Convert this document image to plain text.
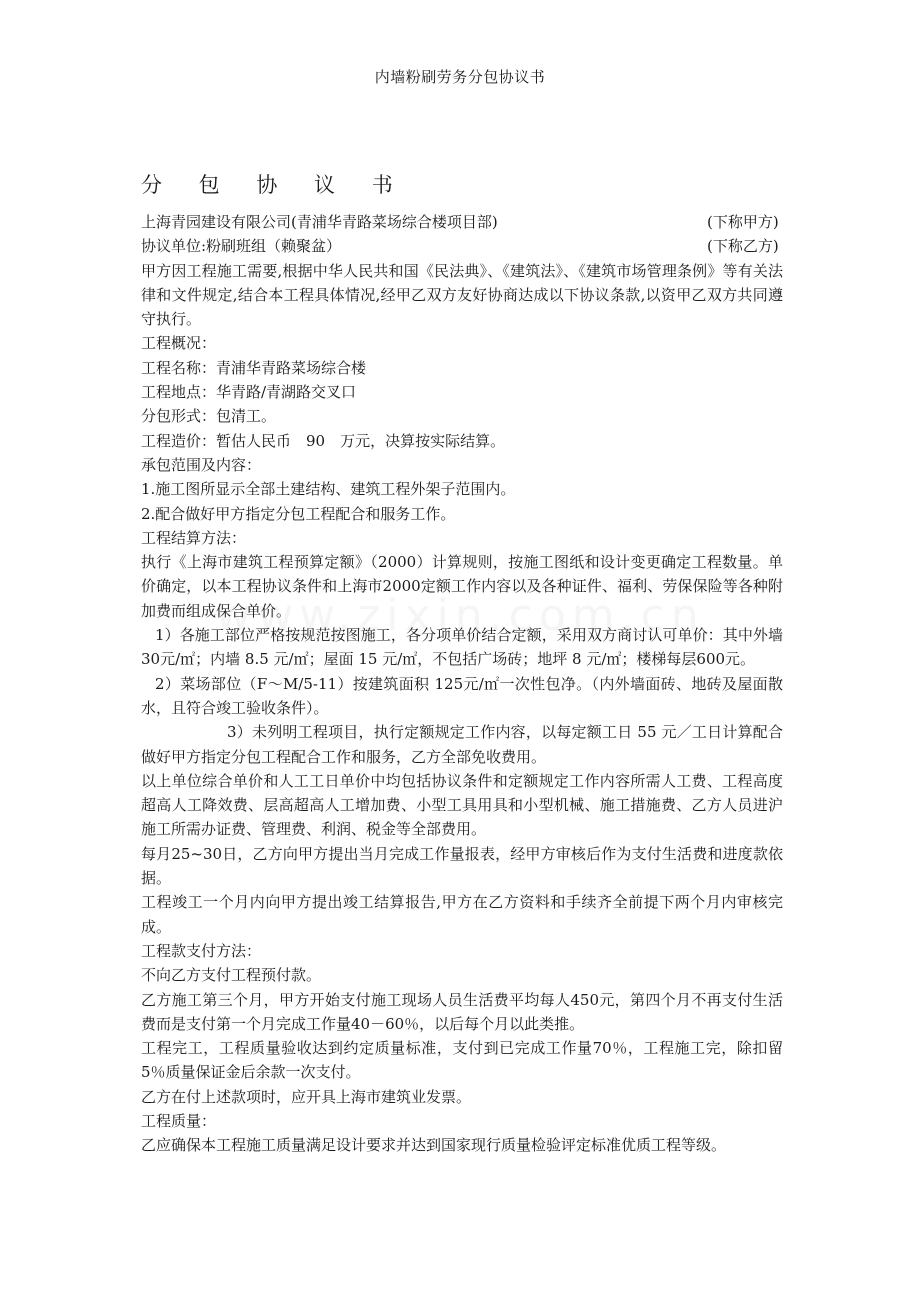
内墙粉刷劳务分包协议书
分 包 协 议 书
上海青园建设有限公司(青浦华青路菜场综合楼项目部)	(下称甲方)
协议单位:粉刷班组（赖聚盆）	(下称乙方)

甲方因工程施工需要,根据中华人民共和国《民法典》、《建筑法》、《建筑市场管理条例》等有关法律和文件规定,结合本工程具体情况,经甲乙双方友好协商达成以下协议条款,以资甲乙双方共同遵守执行。

工程概况：

工程名称：青浦华青路菜场综合楼

工程地点：华青路/青湖路交叉口

分包形式：包清工。

工程造价：暂估人民币　90　万元，决算按实际结算。

承包范围及内容：

1.施工图所显示全部土建结构、建筑工程外架子范围内。

2.配合做好甲方指定分包工程配合和服务工作。

工程结算方法：

执行《上海市建筑工程预算定额》（2000）计算规则，按施工图纸和设计变更确定工程数量。单价确定，以本工程协议条件和上海市2000定额工作内容以及各种证件、福利、劳保保险等各种附加费而组成保合单价。

1）各施工部位严格按规范按图施工，各分项单价结合定额，采用双方商讨认可单价：其中外墙 30元/㎡；内墙 8.5 元/㎡；屋面 15 元/㎡，不包括广场砖；地坪 8 元/㎡；楼梯每层600元。

2）菜场部位（F～M/5-11）按建筑面积 125元/㎡一次性包净。（内外墙面砖、地砖及屋面散水，且符合竣工验收条件）。

3）未列明工程项目，执行定额规定工作内容，以每定额工日 55 元／工日计算配合做好甲方指定分包工程配合工作和服务，乙方全部免收费用。

以上单位综合单价和人工工日单价中均包括协议条件和定额规定工作内容所需人工费、工程高度超高人工降效费、层高超高人工增加费、小型工具用具和小型机械、施工措施费、乙方人员进沪施工所需办证费、管理费、利润、税金等全部费用。

每月25~30日，乙方向甲方提出当月完成工作量报表，经甲方审核后作为支付生活费和进度款依据。

工程竣工一个月内向甲方提出竣工结算报告,甲方在乙方资料和手续齐全前提下两个月内审核完成。

工程款支付方法：

不向乙方支付工程预付款。

乙方施工第三个月，甲方开始支付施工现场人员生活费平均每人450元，第四个月不再支付生活费而是支付第一个月完成工作量40－60％，以后每个月以此类推。

工程完工，工程质量验收达到约定质量标准，支付到已完成工作量70％，工程施工完，除扣留5％质量保证金后余款一次支付。

乙方在付上述款项时，应开具上海市建筑业发票。

工程质量：

乙应确保本工程施工质量满足设计要求并达到国家现行质量检验评定标准优质工程等级。
